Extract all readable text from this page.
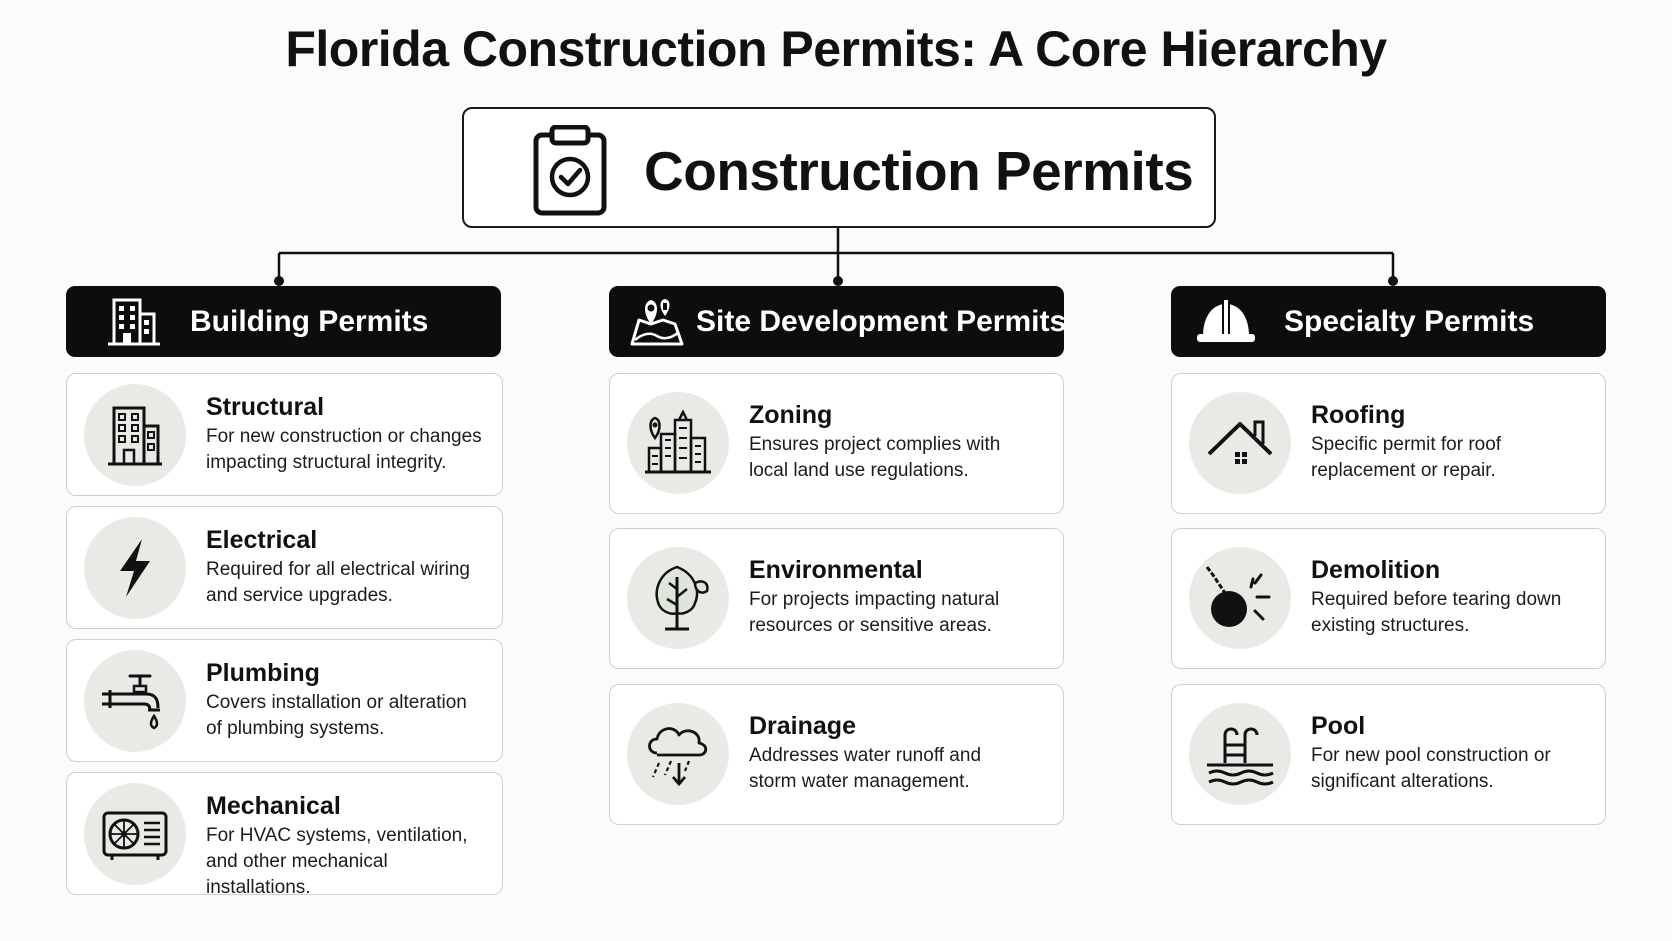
Florida Construction Permits: A Core Hierarchy
Construction Permits
Building Permits	Site Development Permits	Specialty Permits
Structural
For new construction or changes
impacting structural integrity.
Electrical
Required for all electrical wiring
and service upgrades.
Plumbing
Covers installation or alteration
of plumbing systems.
Mechanical
For HVAC systems, ventilation,
and other mechanical installations.
Zoning
Ensures project complies with
local land use regulations.
Environmental
For projects impacting natural
resources or sensitive areas.
Drainage
Addresses water runoff and
storm water management.
Roofing
Specific permit for roof
replacement or repair.
Demolition
Required before tearing down
existing structures.
Pool
For new pool construction or
significant alterations.
